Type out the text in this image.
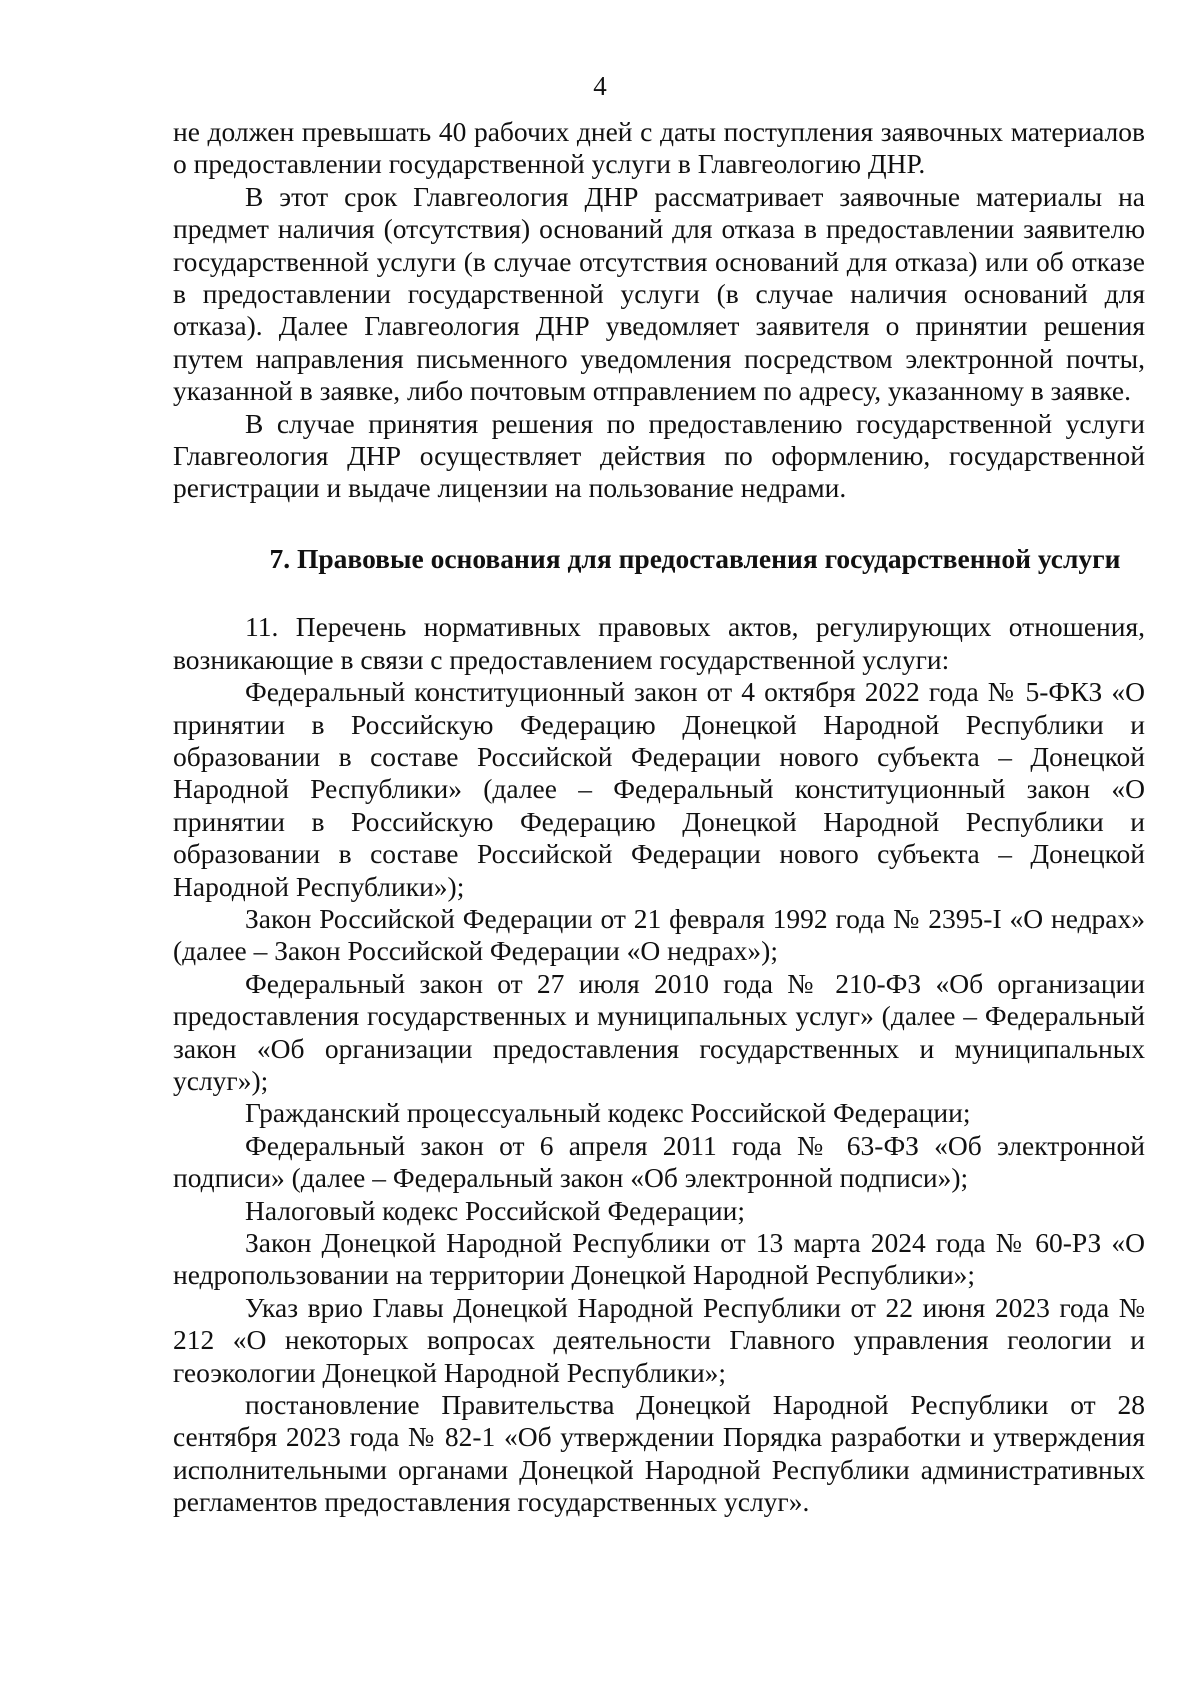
4

не должен превышать 40 рабочих дней с даты поступления заявочных материалов о предоставлении государственной услуги в Главгеологию ДНР.

В этот срок Главгеология ДНР рассматривает заявочные материалы на предмет наличия (отсутствия) оснований для отказа в предоставлении заявителю государственной услуги (в случае отсутствия оснований для отказа) или об отказе в предоставлении государственной услуги (в случае наличия оснований для отказа). Далее Главгеология ДНР уведомляет заявителя о принятии решения путем направления письменного уведомления посредством электронной почты, указанной в заявке, либо почтовым отправлением по адресу, указанному в заявке.

В случае принятия решения по предоставлению государственной услуги Главгеология ДНР осуществляет действия по оформлению, государственной регистрации и выдаче лицензии на пользование недрами.

7. Правовые основания для предоставления государственной услуги

11. Перечень нормативных правовых актов, регулирующих отношения, возникающие в связи с предоставлением государственной услуги:

Федеральный конституционный закон от 4 октября 2022 года № 5-ФКЗ «О принятии в Российскую Федерацию Донецкой Народной Республики и образовании в составе Российской Федерации нового субъекта – Донецкой Народной Республики» (далее – Федеральный конституционный закон «О принятии в Российскую Федерацию Донецкой Народной Республики и образовании в составе Российской Федерации нового субъекта – Донецкой Народной Республики»);

Закон Российской Федерации от 21 февраля 1992 года № 2395-I «О недрах» (далее – Закон Российской Федерации «О недрах»);

Федеральный закон от 27 июля 2010 года № 210-ФЗ «Об организации предоставления государственных и муниципальных услуг» (далее – Федеральный закон «Об организации предоставления государственных и муниципальных услуг»);

Гражданский процессуальный кодекс Российской Федерации;

Федеральный закон от 6 апреля 2011 года № 63-ФЗ «Об электронной подписи» (далее – Федеральный закон «Об электронной подписи»);

Налоговый кодекс Российской Федерации;

Закон Донецкой Народной Республики от 13 марта 2024 года № 60-РЗ «О недропользовании на территории Донецкой Народной Республики»;

Указ врио Главы Донецкой Народной Республики от 22 июня 2023 года № 212 «О некоторых вопросах деятельности Главного управления геологии и геоэкологии Донецкой Народной Республики»;

постановление Правительства Донецкой Народной Республики от 28 сентября 2023 года № 82-1 «Об утверждении Порядка разработки и утверждения исполнительными органами Донецкой Народной Республики административных регламентов предоставления государственных услуг».
